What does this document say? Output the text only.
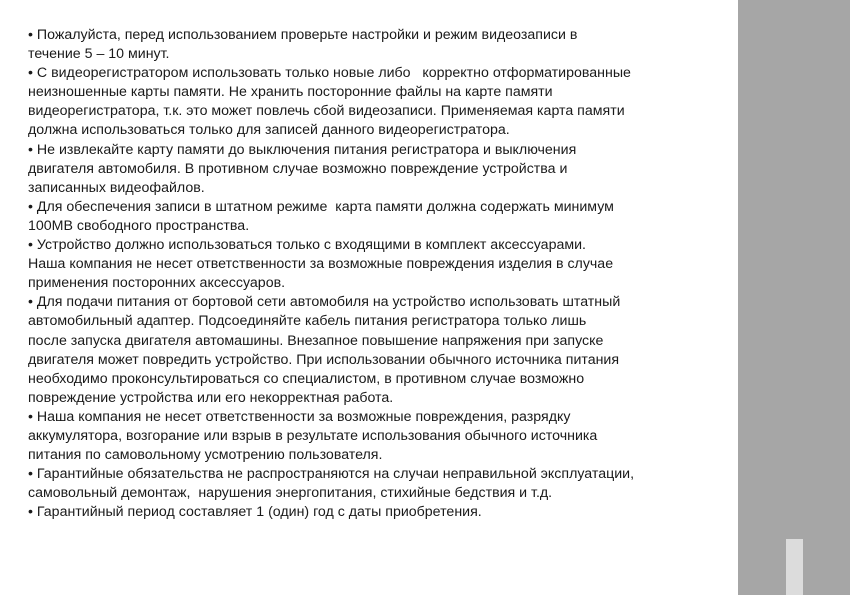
• Пожалуйста, перед использованием проверьте настройки и режим видеозаписи в
течение 5 – 10 минут.
• С видеорегистратором использовать только новые либо   корректно отформатированные
неизношенные карты памяти. Не хранить посторонние файлы на карте памяти
видеорегистратора, т.к. это может повлечь сбой видеозаписи. Применяемая карта памяти
должна использоваться только для записей данного видеорегистратора.
• Не извлекайте карту памяти до выключения питания регистратора и выключения
двигателя автомобиля. В противном случае возможно повреждение устройства и
записанных видеофайлов.
• Для обеспечения записи в штатном режиме  карта памяти должна содержать минимум
100MB свободного пространства.
• Устройство должно использоваться только с входящими в комплект аксессуарами.
Наша компания не несет ответственности за возможные повреждения изделия в случае
применения посторонних аксессуаров.
• Для подачи питания от бортовой сети автомобиля на устройство использовать штатный
автомобильный адаптер. Подсоединяйте кабель питания регистратора только лишь
после запуска двигателя автомашины. Внезапное повышение напряжения при запуске
двигателя может повредить устройство. При использовании обычного источника питания
необходимо проконсультироваться со специалистом, в противном случае возможно
повреждение устройства или его некорректная работа.
• Наша компания не несет ответственности за возможные повреждения, разрядку
аккумулятора, возгорание или взрыв в результате использования обычного источника
питания по самовольному усмотрению пользователя.
• Гарантийные обязательства не распространяются на случаи неправильной эксплуатации,
самовольный демонтаж,  нарушения энергопитания, стихийные бедствия и т.д.
• Гарантийный период составляет 1 (один) год с даты приобретения.
